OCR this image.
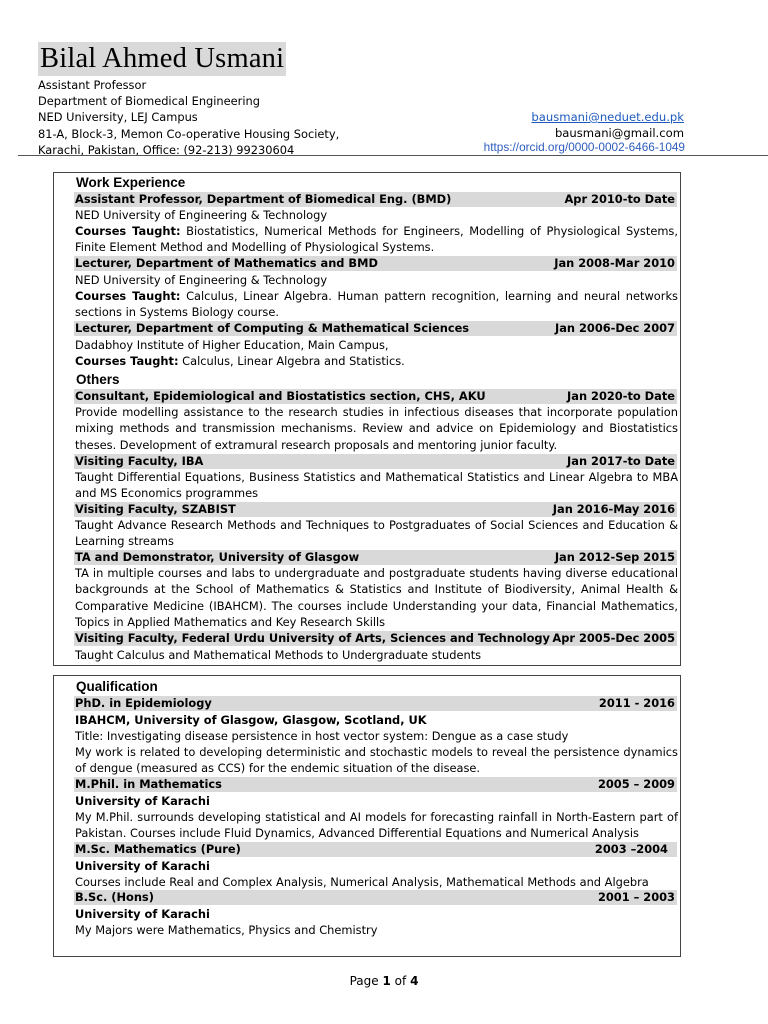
Bilal Ahmed Usmani
Assistant Professor
Department of Biomedical Engineering
NED University, LEJ Campus
81-A, Block-3, Memon Co-operative Housing Society,
Karachi, Pakistan, Office: (92-213) 99230604
bausmani@neduet.edu.pk
bausmani@gmail.com
https://orcid.org/0000-0002-6466-1049
Work Experience
Assistant Professor, Department of Biomedical Eng. (BMD)	Apr 2010-to Date
NED University of Engineering & Technology
Courses Taught: Biostatistics, Numerical Methods for Engineers, Modelling of Physiological Systems, Finite Element Method and Modelling of Physiological Systems.
Lecturer, Department of Mathematics and BMD	Jan 2008-Mar 2010
NED University of Engineering & Technology
Courses Taught: Calculus, Linear Algebra. Human pattern recognition, learning and neural networks sections in Systems Biology course.
Lecturer, Department of Computing & Mathematical Sciences	Jan 2006-Dec 2007
Dadabhoy Institute of Higher Education, Main Campus,
Courses Taught: Calculus, Linear Algebra and Statistics.
Others
Consultant, Epidemiological and Biostatistics section, CHS, AKU	Jan 2020-to Date
Provide modelling assistance to the research studies in infectious diseases that incorporate population mixing methods and transmission mechanisms. Review and advice on Epidemiology and Biostatistics theses. Development of extramural research proposals and mentoring junior faculty.
Visiting Faculty, IBA	Jan 2017-to Date
Taught Differential Equations, Business Statistics and Mathematical Statistics and Linear Algebra to MBA and MS Economics programmes
Visiting Faculty, SZABIST	Jan 2016-May 2016
Taught Advance Research Methods and Techniques to Postgraduates of Social Sciences and Education & Learning streams
TA and Demonstrator, University of Glasgow	Jan 2012-Sep 2015
TA in multiple courses and labs to undergraduate and postgraduate students having diverse educational backgrounds at the School of Mathematics & Statistics and Institute of Biodiversity, Animal Health & Comparative Medicine (IBAHCM). The courses include Understanding your data, Financial Mathematics, Topics in Applied Mathematics and Key Research Skills
Visiting Faculty, Federal Urdu University of Arts, Sciences and Technology Apr 2005-Dec 2005
Taught Calculus and Mathematical Methods to Undergraduate students
Qualification
PhD. in Epidemiology	2011 - 2016
IBAHCM, University of Glasgow, Glasgow, Scotland, UK
Title: Investigating disease persistence in host vector system: Dengue as a case study
My work is related to developing deterministic and stochastic models to reveal the persistence dynamics of dengue (measured as CCS) for the endemic situation of the disease.
M.Phil. in Mathematics	2005 – 2009
University of Karachi
My M.Phil. surrounds developing statistical and AI models for forecasting rainfall in North-Eastern part of Pakistan. Courses include Fluid Dynamics, Advanced Differential Equations and Numerical Analysis
M.Sc. Mathematics (Pure)	2003 –2004
University of Karachi
Courses include Real and Complex Analysis, Numerical Analysis, Mathematical Methods and Algebra
B.Sc. (Hons)	2001 – 2003
University of Karachi
My Majors were Mathematics, Physics and Chemistry
Page 1 of 4
